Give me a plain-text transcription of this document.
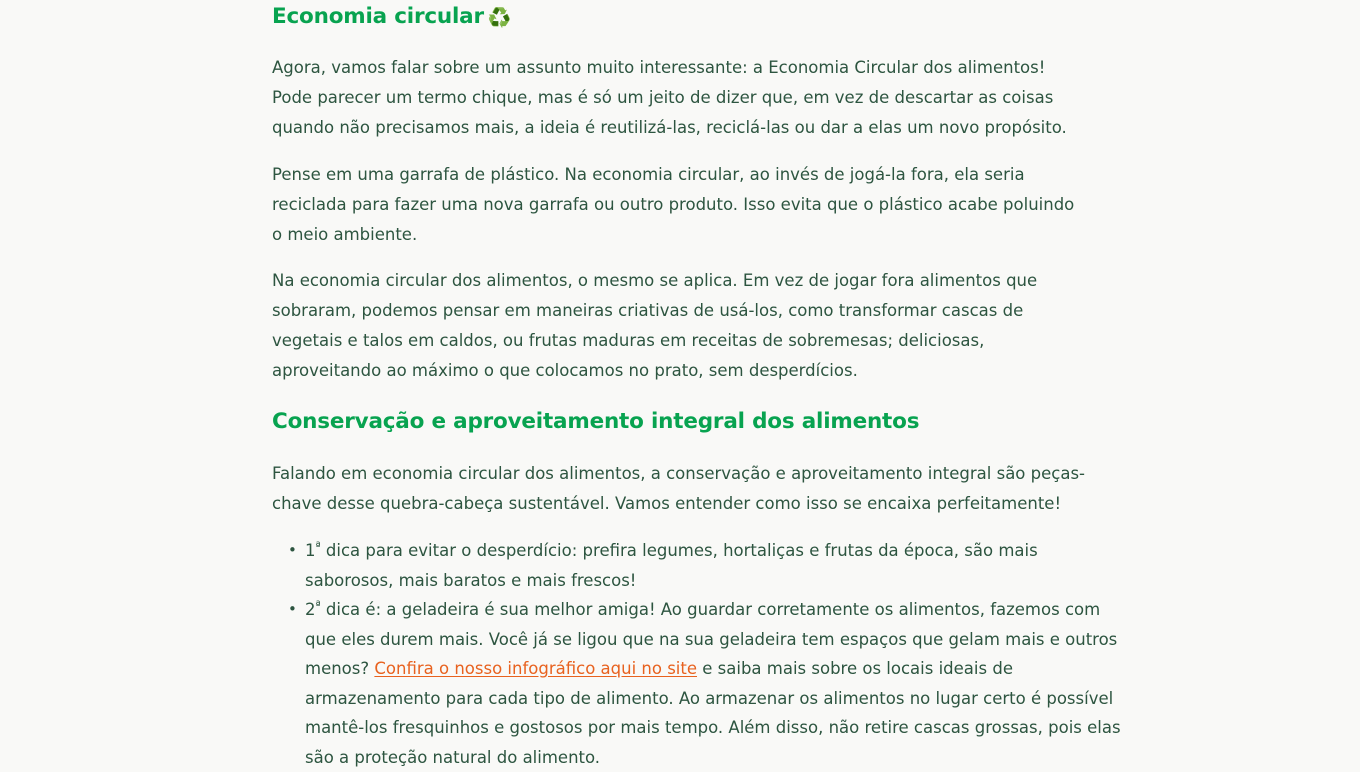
Economia circular ♻️

Agora, vamos falar sobre um assunto muito interessante: a Economia Circular dos alimentos! Pode parecer um termo chique, mas é só um jeito de dizer que, em vez de descartar as coisas quando não precisamos mais, a ideia é reutilizá-las, reciclá-las ou dar a elas um novo propósito.

Pense em uma garrafa de plástico. Na economia circular, ao invés de jogá-la fora, ela seria reciclada para fazer uma nova garrafa ou outro produto. Isso evita que o plástico acabe poluindo o meio ambiente.

Na economia circular dos alimentos, o mesmo se aplica. Em vez de jogar fora alimentos que sobraram, podemos pensar em maneiras criativas de usá-los, como transformar cascas de vegetais e talos em caldos, ou frutas maduras em receitas de sobremesas; deliciosas, aproveitando ao máximo o que colocamos no prato, sem desperdícios.

Conservação e aproveitamento integral dos alimentos

Falando em economia circular dos alimentos, a conservação e aproveitamento integral são peças-chave desse quebra-cabeça sustentável. Vamos entender como isso se encaixa perfeitamente!

• $1^ª$ dica para evitar o desperdício: prefira legumes, hortaliças e frutas da época, são mais saborosos, mais baratos e mais frescos!
• $2^ª$ dica é: a geladeira é sua melhor amiga! Ao guardar corretamente os alimentos, fazemos com que eles durem mais. Você já se ligou que na sua geladeira tem espaços que gelam mais e outros menos? Confira o nosso infográfico aqui no site e saiba mais sobre os locais ideais de armazenamento para cada tipo de alimento. Ao armazenar os alimentos no lugar certo é possível mantê-los fresquinhos e gostosos por mais tempo. Além disso, não retire cascas grossas, pois elas são a proteção natural do alimento.
